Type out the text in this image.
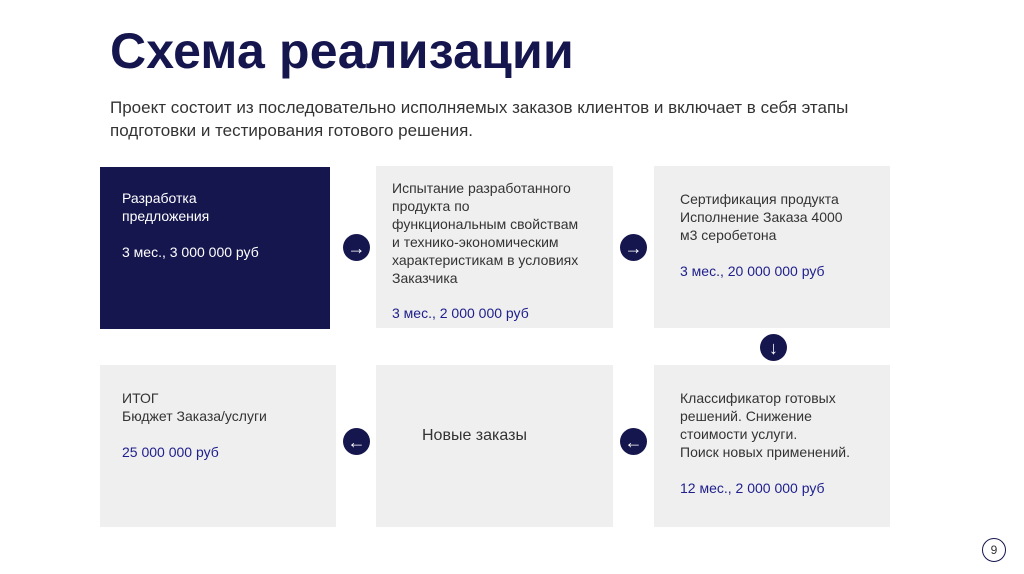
Схема реализации
Проект состоит из последовательно исполняемых заказов клиентов и включает в себя этапы подготовки и тестирования готового решения.
Разработка
предложения
3 мес., 3 000 000 руб	→
Испытание разработанного
продукта по
функциональным свойствам
и технико-экономическим
характеристикам в условиях
Заказчика
3 мес., 2 000 000 руб
→
Сертификация продукта
Исполнение Заказа 4000
м3 серобетона
3 мес., 20 000 000 руб
↓
ИТОГ
Бюджет Заказа/услуги
25 000 000 руб
←	Новые заказы	←
Классификатор готовых
решений. Снижение
стоимости услуги.
Поиск новых применений.
12 мес., 2 000 000 руб
9
